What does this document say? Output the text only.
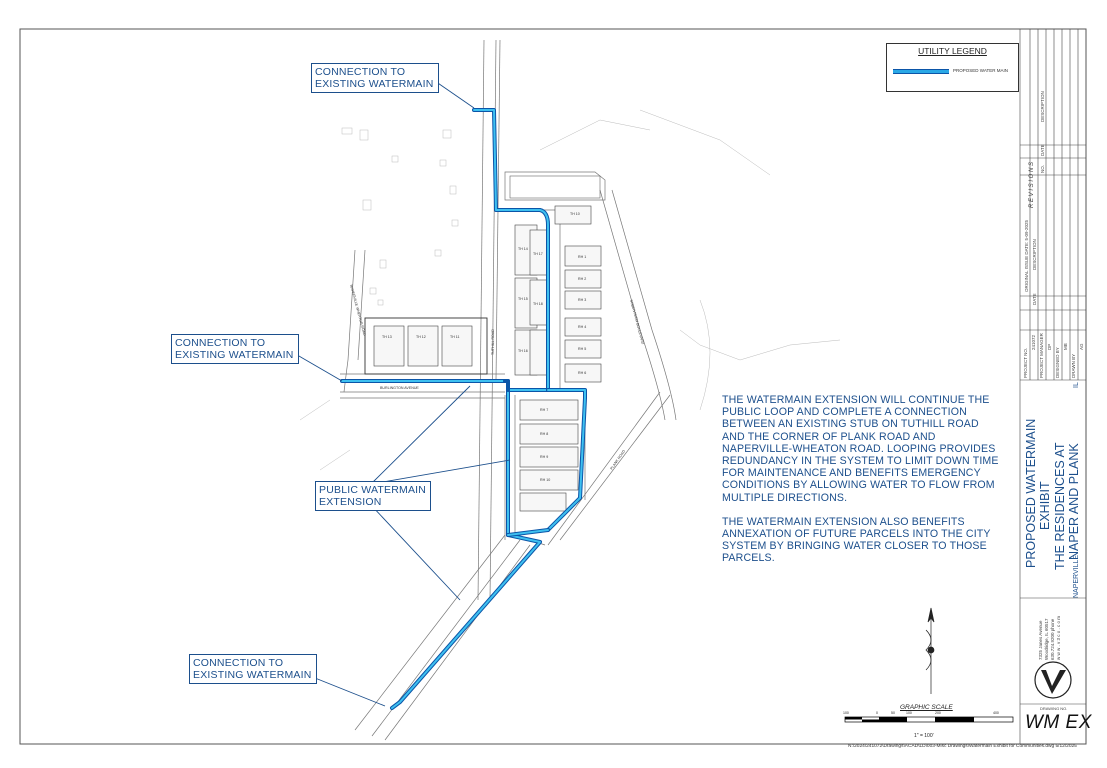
TH 13	TH 12	TH 11
TH 14
TH 15
TH 16
RH 1
RH 2
RH 3
RH 4
RH 5
RH 6
RH 7
RH 8
RH 9
RH 10
TH 10
TH 17
TH 18
NAPERVILLE WHEATON ROAD
BURLINGTON AVENUE
PLANK ROAD
TUTHILL ROAD	SUBDIVISION BOULEVARD
CONNECTION TO
EXISTING WATERMAIN
CONNECTION TO
EXISTING WATERMAIN
PUBLIC WATERMAIN
EXTENSION
CONNECTION TO
EXISTING WATERMAIN
UTILITY LEGEND
PROPOSED WATER MAIN

THE WATERMAIN EXTENSION WILL CONTINUE THE
PUBLIC LOOP AND COMPLETE A CONNECTION
BETWEEN AN EXISTING STUB ON TUTHILL ROAD
AND THE CORNER OF PLANK ROAD AND
NAPERVILLE-WHEATON ROAD. LOOPING PROVIDES
REDUNDANCY IN THE SYSTEM TO LIMIT DOWN TIME
FOR MAINTENANCE AND BENEFITS EMERGENCY
CONDITIONS BY ALLOWING WATER TO FLOW FROM
MULTIPLE DIRECTIONS.

THE WATERMAIN EXTENSION ALSO BENEFITS
ANNEXATION OF FUTURE PARCELS INTO THE CITY
SYSTEM BY BRINGING WATER CLOSER TO THOSE
PARCELS.	PROPOSED WATERMAIN EXHIBIT THE RESIDENCES AT NAPER AND PLANK
NAPERVILLE
IL
R E V I S I O N S
ORIGINAL ISSUE DATE: 5-09-2025
DESCRIPTION
DATE
NO.
DESCRIPTION
DATE
PROJECT NO.
241072 PROJECT MANAGER DP
DESIGNED BY
MB
DRAWN BY
AG
7325 Janes Avenue Woodridge, IL 60517 630.724.9200 phone w w w . v 3 c o . c o m
DRAWING NO.
WM EX
GRAPHIC SCALE
1" = 100'
100	0	50	100	200	400
N:\2024\241072\Drawings\ACAD\LD\003-Misc Drawings\Watermain Exhibit for Communities.dwg 5/12/2025
